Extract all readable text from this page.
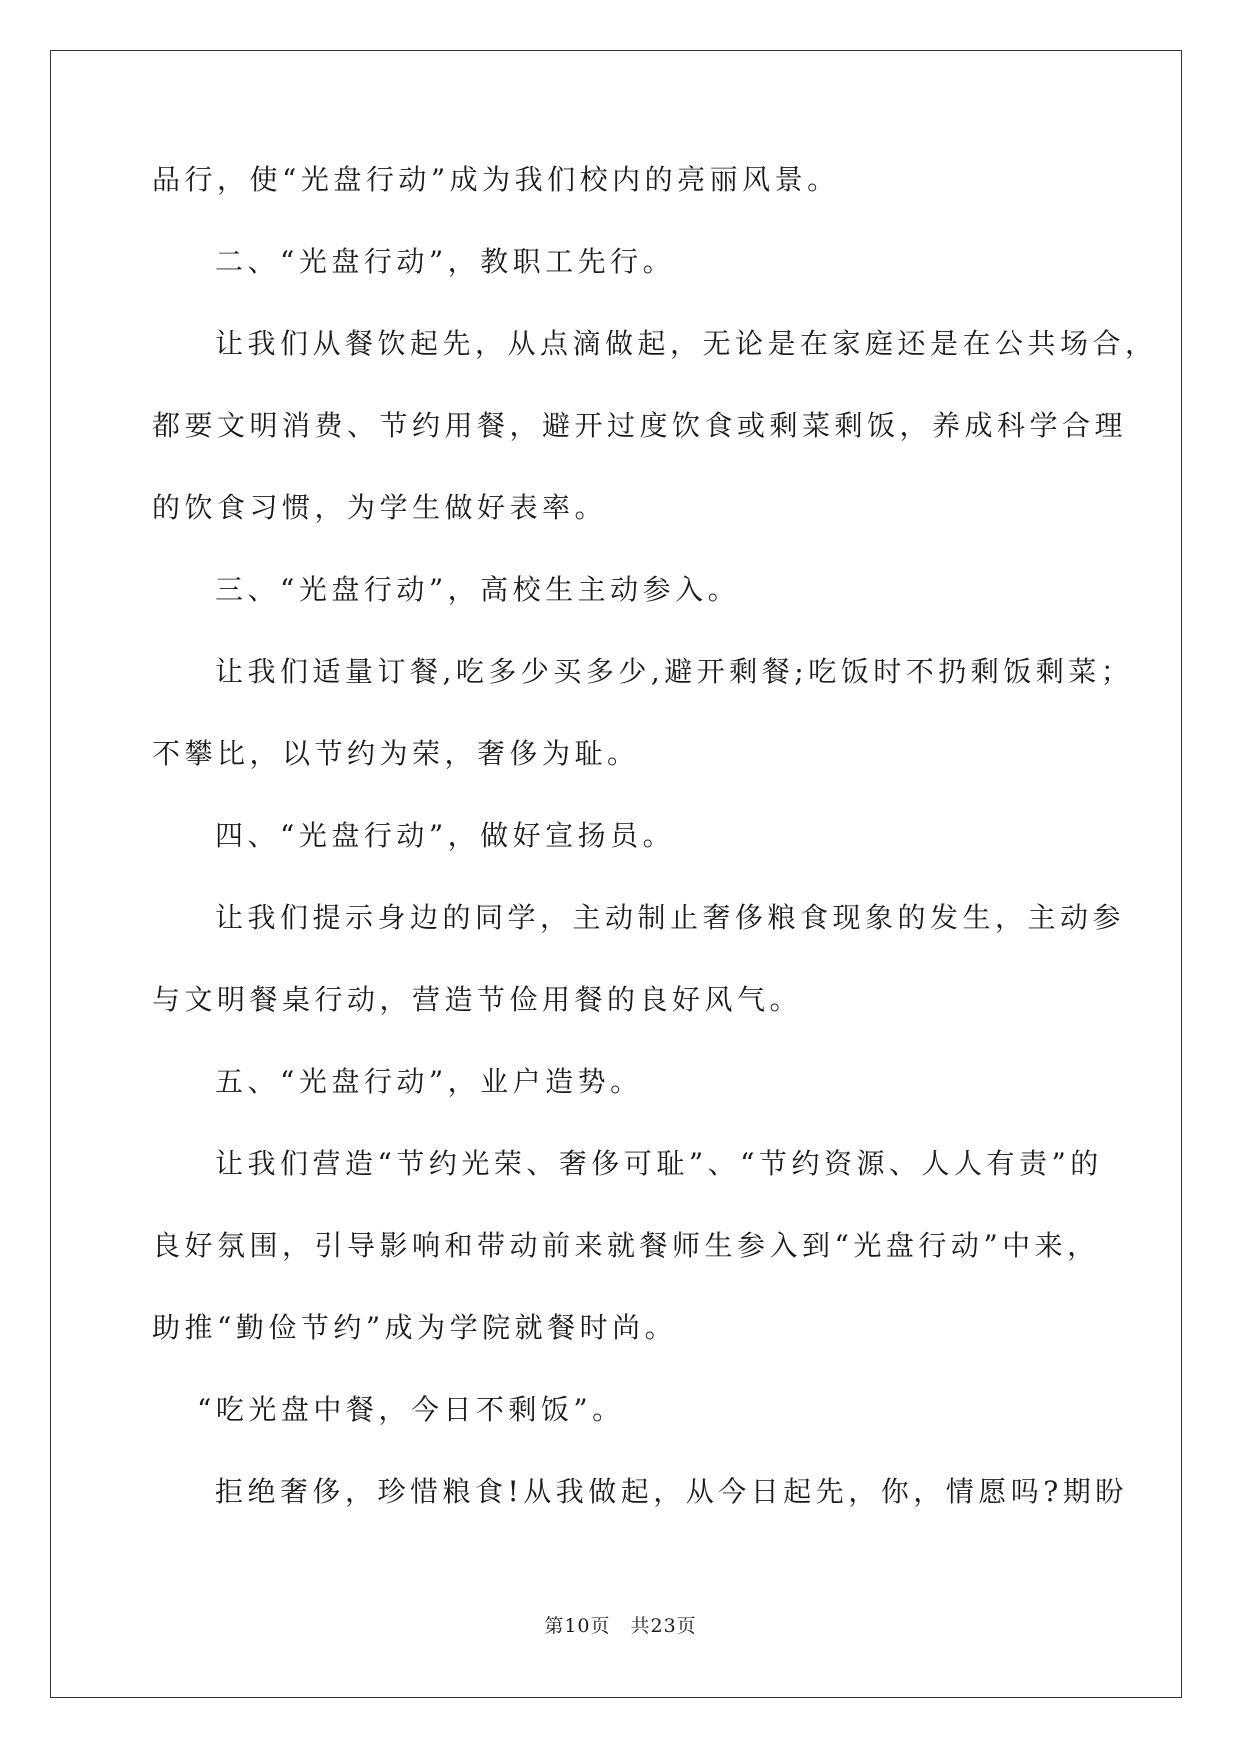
品行，使“光盘行动”成为我们校内的亮丽风景。
二、“光盘行动”，教职工先行。
让我们从餐饮起先，从点滴做起，无论是在家庭还是在公共场合，
都要文明消费、节约用餐，避开过度饮食或剩菜剩饭，养成科学合理
的饮食习惯，为学生做好表率。
三、“光盘行动”，高校生主动参入。
让我们适量订餐,吃多少买多少,避开剩餐;吃饭时不扔剩饭剩菜；
不攀比，以节约为荣，奢侈为耻。
四、“光盘行动”，做好宣扬员。
让我们提示身边的同学，主动制止奢侈粮食现象的发生，主动参
与文明餐桌行动，营造节俭用餐的良好风气。
五、“光盘行动”，业户造势。
让我们营造“节约光荣、奢侈可耻”、“节约资源、人人有责”的
良好氛围，引导影响和带动前来就餐师生参入到“光盘行动”中来，
助推“勤俭节约”成为学院就餐时尚。
“吃光盘中餐，今日不剩饭”。
拒绝奢侈，珍惜粮食!从我做起，从今日起先，你，情愿吗?期盼
第10页 共23页
